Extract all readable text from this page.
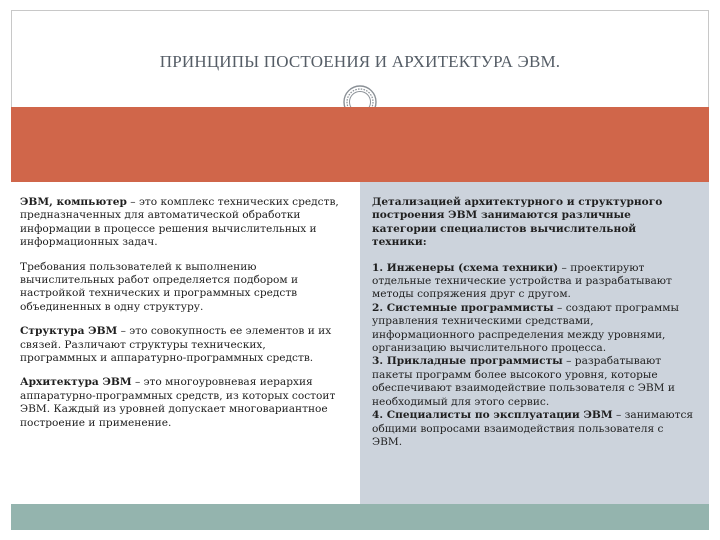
ПРИНЦИПЫ ПОСТОЕНИЯ И АРХИТЕКТУРА ЭВМ.

ЭВМ, компьютер – это комплекс технических средств, предназначенных для автоматической обработки информации в процессе решения вычислительных и информационных задач.

Требования пользователей к выполнению вычислительных работ определяется подбором и настройкой технических и программных средств объединенных в одну структуру.

Структура ЭВМ – это совокупность ее элементов и их связей. Различают структуры технических, программных и аппаратурно-программных средств.

Архитектура ЭВМ – это многоуровневая иерархия аппаратурно-программных средств, из которых состоит ЭВМ. Каждый из уровней допускает многовариантное построение и применение.

Детализацией архитектурного и структурного построения ЭВМ занимаются различные категории специалистов вычислительной техники:

1. Инженеры (схема техники) – проектируют отдельные технические устройства и разрабатывают методы сопряжения друг с другом.

2. Системные программисты – создают программы управления техническими средствами, информационного распределения между уровнями, организацию вычислительного процесса.

3. Прикладные программисты – разрабатывают пакеты программ более высокого уровня, которые обеспечивают взаимодействие пользователя с ЭВМ и необходимый для этого сервис.

4. Специалисты по эксплуатации ЭВМ – занимаются общими вопросами взаимодействия пользователя с ЭВМ.
